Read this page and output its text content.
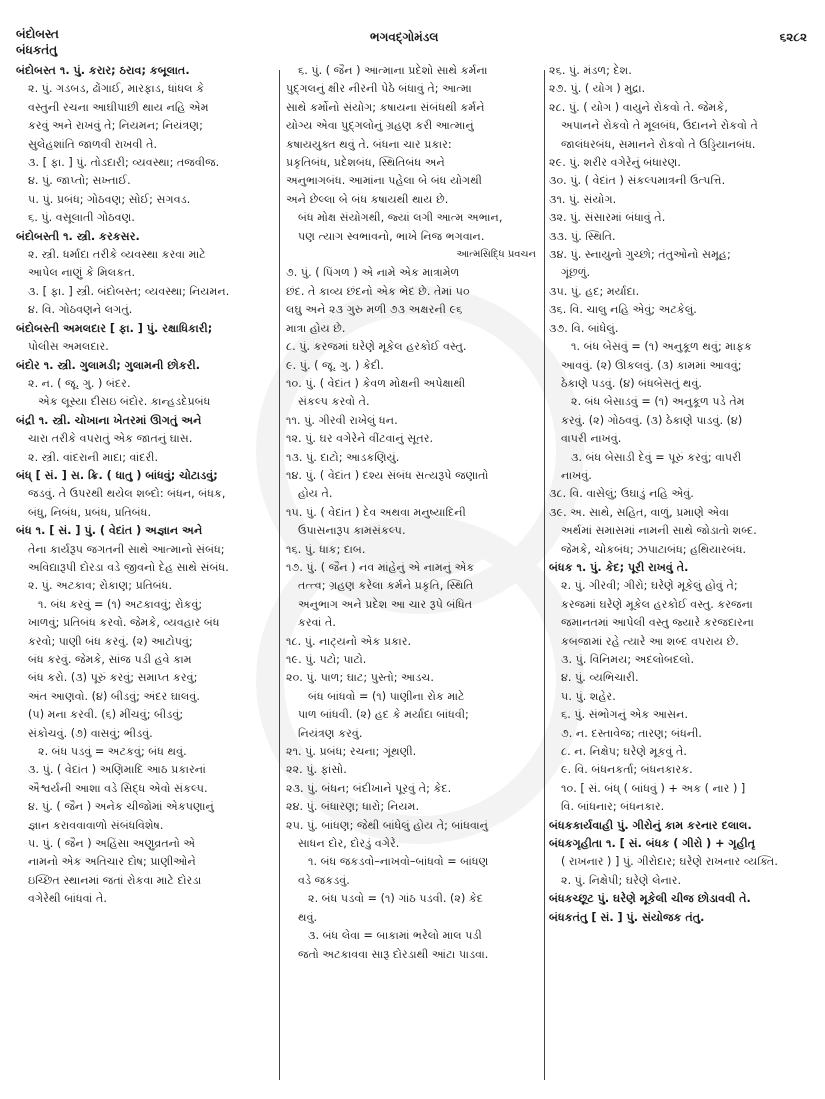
બંદોબસ્ત
બંધકતંતુ
ભગવદ્ગોમંડલ	૬૨૮૨
બંદોબસ્ત ૧. પું. કરાર; ઠરાવ; કબૂલાત.
૨. પું. ગડબડ, ઢોંગાઈ, મારફાડ, ધાંધલ કે
વસ્તુની રચના આઘીપાછી થાય નહિ એમ
કરવું અને રાખવું તે; નિયમન; નિયંત્રણ;
સુલેહશાંતિ જાળવી રાખવી તે.
૩. [ ફા. ] પું. તોડદારી; વ્યવસ્થા; તજવીજ.
૪. પું. જાપ્તો; સખ્તાઈ.
૫. પું. પ્રબંધ; ગોઠવણ; સોઈ; સગવડ.
૬. પું. વસૂલાતી ગોઠવણ.
બંદોબસ્તી ૧. સ્ત્રી. કરકસર.
૨. સ્ત્રી. ધર્માદા તરીકે વ્યવસ્થા કરવા માટે
આપેલ નાણું કે મિલકત.
૩. [ ફા. ] સ્ત્રી. બંદોબસ્ત; વ્યવસ્થા; નિયમન.
૪. વિ. ગોઠવણને લગતું.
બંદોબસ્તી અમલદાર [ ફા. ] પું. રક્ષાધિકારી;
પોલીસ અમલદાર.
બંદોર ૧. સ્ત્રી. ગુલામડી; ગુલામની છોકરી.
૨. ન. ( જૂ. ગુ. ) બંદર.
એક લૂસ્યા દીસઇ બંદોર. કાન્હડદેપ્રબંધ
બંદ્રી ૧. સ્ત્રી. ચોખાના ખેતરમાં ઊગતું અને
ચારા તરીકે વપરાતું એક જાતનું ઘાસ.
૨. સ્ત્રી. વાંદરાની માદા; વાંદરી.
બંધ્ [ સં. ] સ. ક્રિ. ( ધાતુ ) બાંધવું; ચોટાડવું;
જડવું. તે ઉપરથી થયેલ શબ્દો: બંધન, બંધક,
બંધુ, નિબંધ, પ્રબંધ, પ્રતિબંધ.
બંધ ૧. [ સં. ] પું. ( વેદાંત ) અજ્ઞાન અને
તેના કાર્યરૂપ જગતની સાથે આત્માનો સંબંધ;
અવિદ્યારૂપી દોરડા વડે જીવનો દેહ સાથે સંબંધ.
૨. પું. અટકાવ; રોકાણ; પ્રતિબંધ.
૧. બંધ કરવું = (૧) અટકાવવું; રોકવું;
ખાળવું; પ્રતિબંધ કરવો. જેમકે, વ્યવહાર બંધ
કરવો; પાણી બંધ કરવું. (૨) આટોપવું;
બંધ કરવું. જેમકે, સાંજ પડી હવે કામ
બંધ કરો. (૩) પૂરું કરવું; સમાપ્ત કરવું;
અંત આણવો. (૪) બીડવું; અંદર ઘાલવું.
(૫) મના કરવી. (૬) મીંચવું; બીડવું;
સંકોચવું. (૭) વાસવું; ભીડવું.
૨. બંધ પડવું = અટકવું; બંધ થવું.
૩. પું. ( વેદાંત ) અણિમાદિ આઠ પ્રકારનાં
ઐશ્વર્યની આશા વડે સિદ્ધ એવો સંકલ્પ.
૪. પું. ( જૈન ) અનેક ચીજોમાં એકપણાનું
જ્ઞાન કરાવવાવાળો સંબંધવિશેષ.
૫. પું. ( જૈન ) અહિંસા અણુવ્રતનો એ
નામનો એક અતિચાર દોષ; પ્રાણીઓને
ઇચ્છિત સ્થાનમાં જતાં રોકવા માટે દોરડા
વગેરેથી બાંધવાં તે.
૬. પું. ( જૈન ) આત્માના પ્રદેશો સાથે કર્મના
પુદ્ગલનું ક્ષીર નીરની પેઠે બંધાવું તે; આત્મા
સાથે કર્મોનો સંયોગ; કષાયના સંબંધથી કર્મને
યોગ્ય એવા પુદ્ગલોનું ગ્રહણ કરી આત્માનું
કષાયયુક્ત થવું તે. બંધના ચાર પ્રકાર:
પ્રકૃતિબંધ, પ્રદેશબંધ, સ્થિતિબંધ અને
અનુભાગબંધ. આમાંના પહેલા બે બંધ યોગથી
અને છેલ્લા બે બંધ કષાયથી થાય છે.
બંધ મોક્ષ સંયોગથી, જ્યાં લગી આત્મ અભાન,
પણ ત્યાગ સ્વભાવનો, ભાખે નિજ ભગવાન.
આત્મસિદ્ધિ પ્રવચન
૭. પું. ( પિંગળ ) એ નામે એક માત્રામેળ
છંદ. તે કાવ્ય છંદનો એક ભેદ છે. તેમાં ૫૦
લઘુ અને ૨૩ ગુરુ મળી ૭૩ અક્ષરની ૯૬
માત્રા હોય છે.
૮. પું. કરજમાં ઘરેણે મૂકેલ હરકોઈ વસ્તુ.
૯. પું. ( જૂ. ગુ. ) કેદી.
૧૦. પું. ( વેદાંત ) કેવળ મોક્ષની અપેક્ષાથી
સંકલ્પ કરવો તે.
૧૧. પું. ગીરવી રાખેલું ધન.
૧૨. પું. ઘર વગેરેને વીંટવાનું સૂતર.
૧૩. પું. દાટો; આડકણિયું.
૧૪. પું. ( વેદાંત ) દશ્ય સંબંધ સત્યરૂપે જણાતો
હોય તે.
૧૫. પું. ( વેદાંત ) દેવ અથવા મનુષ્યાદિની
ઉપાસનારૂપ કામસંકલ્પ.
૧૬. પું. ધાક; દાબ.
૧૭. પું. ( જૈન ) નવ માંહેનું એ નામનું એક
તત્ત્વ; ગ્રહણ કરેલા કર્મને પ્રકૃતિ, સ્થિતિ
અનુભાગ અને પ્રદેશ આ ચાર રૂપે બંધિત
કરવાં તે.
૧૮. પું. નાટ્યનો એક પ્રકાર.
૧૯. પું. પટો; પાટો.
૨૦. પું. પાળ; ઘાટ; પુસ્તો; આડચ.
બંધ બાંધવો = (૧) પાણીના રોક માટે
પાળ બાંધવી. (૨) હદ કે મર્યાદા બાંધવી;
નિયંત્રણ કરવું.
૨૧. પું. પ્રબંધ; રચના; ગૂંથણી.
૨૨. પું. ફાંસો.
૨૩. પું. બંધન; બંદીખાને પૂરવું તે; કેદ.
૨૪. પું. બંધારણ; ધારો; નિયમ.
૨૫. પું. બાંધણ; જેથી બાંધેલું હોય તે; બાંધવાનું
સાધન દોર, દોરડું વગેરે.
૧. બંધ જકડવો–નાખવો–બાંધવો = બાંધણ
વડે જકડવું.
૨. બંધ પડવો = (૧) ગાંઠ પડવી. (૨) કેદ
થવું.
૩. બંધ લેવા = બાકામાં ભરેલો માલ પડી
જતો અટકાવવા સારૂ દોરડાથી આંટા પાડવા.
૨૬. પું. મંડળ; દેશ.
૨૭. પું. ( યોગ ) મુદ્રા.
૨૮. પું. ( યોગ ) વાયુને રોકવો તે. જેમકે,
અપાનને રોકવો તે મૂલબંધ, ઉદાનને રોકવો તે
જાલંધરબંધ, સમાનને રોકવો તે ઉડ્ડિયાનબંધ.
૨૯. પું. શરીર વગેરેનું બંધારણ.
૩૦. પું. ( વેદાંત ) સંકલ્પમાત્રની ઉત્પત્તિ.
૩૧. પું. સંયોગ.
૩૨. પું. સંસારમાં બંધાવું તે.
૩૩. પું. સ્થિતિ.
૩૪. પું. સ્નાયુનો ગુચ્છો; તંતુઓનો સમૂહ;
ગૂંછળું.
૩૫. પું. હદ; મર્યાદા.
૩૬. વિ. ચાલુ નહિ એવું; અટકેલું.
૩૭. વિ. બાંધેલું.
૧. બંધ બેસવું = (૧) અનુકૂળ થવું; માફક
આવવું. (૨) ઊકલવું. (૩) કામમાં આવવું;
ઠેકાણે પડવું. (૪) બંધબેસતું થવું.
૨. બંધ બેસાડવું = (૧) અનુકૂળ પડે તેમ
કરવું. (૨) ગોઠવવું. (૩) ઠેકાણે પાડવું. (૪)
વાપરી નાખવું.
૩. બંધ બેસાડી દેવું = પૂરું કરવું; વાપરી
નાખવું.
૩૮. વિ. વાસેલું; ઉઘાડું નહિ એવું.
૩૯. અ. સાથે, સહિત, વાળું, પ્રમાણે એવા
અર્થમાં સમાસમાં નામની સાથે જોડાતો શબ્દ.
જેમકે, ચોકબંધ; ઝપાટાબંધ; હથિયારબંધ.
બંધક ૧. પું. કેદ; પૂરી રાખવું તે.
૨. પું. ગીરવી; ગીરો; ઘરેણે મૂકેલું હોવું તે;
કરજમાં ઘરેણે મૂકેલ હરકોઈ વસ્તુ. કરજના
જમાનતમાં આપેલી વસ્તુ જ્યારે કરજદારના
કબજામાં રહે ત્યારે આ શબ્દ વપરાય છે.
૩. પું. વિનિમય; અદલોબદલો.
૪. પું. વ્યભિચારી.
૫. પું. શહેર.
૬. પું. સંભોગનું એક આસન.
૭. ન. દસ્તાવેજ; તારણ; બંધની.
૮. ન. નિક્ષેપ; ઘરેણે મૂકવું તે.
૯. વિ. બંધનકર્તા; બંધનકારક.
૧૦. [ સં. બંધ્ ( બાંધવું ) + અક ( નાર ) ]
વિ. બાંધનાર; બંધનકાર.
બંધકકાર્યવાહી પું. ગીરોનું કામ કરનાર દલાલ.
બંધકગૃહીતા ૧. [ સં. બંધક ( ગીરો ) + ગૃહીતૃ
( રાખનાર ) ] પું. ગીરોદાર; ઘરેણે રાખનાર વ્યક્તિ.
૨. પું. નિક્ષેપી; ઘરેણે લેનાર.
બંધકચ્છૂટ પું. ઘરેણે મૂકેલી ચીજ છોડાવવી તે.
બંધકતંતુ [ સં. ] પું. સંયોજક તંતુ.
